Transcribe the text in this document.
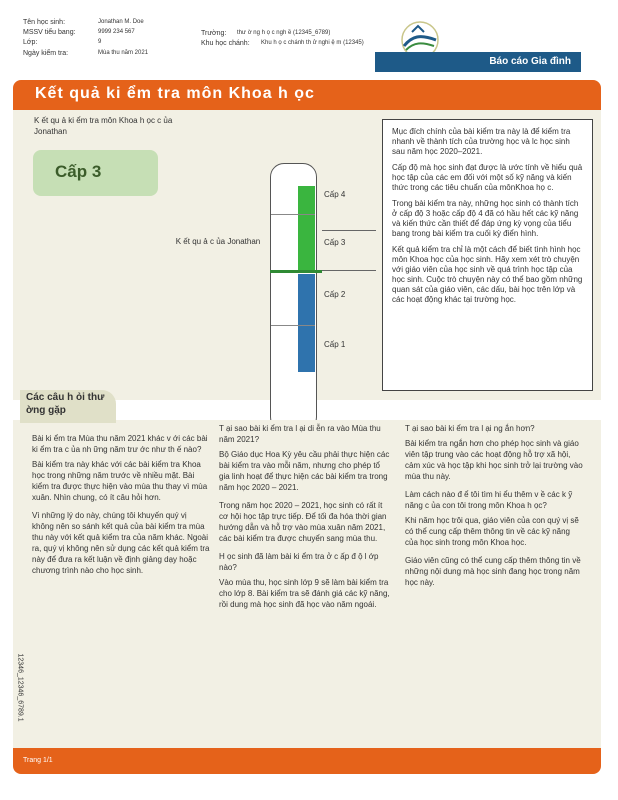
Tên học sinh:	Jonathan M. Doe
MSSV tiểu bang:	9999 234 567
Lớp:	9
Ngày kiểm tra:	Mùa thu năm 2021
Trường: thư ờ ng h ọ c ngh ề (12345_6789)
Khu học chánh: Khu h ọ c chánh th ử nghi ệ m (12345)
Báo cáo Gia đình
Kết quả ki ểm tra môn Khoa h ọc
K ết qu ả ki ểm tra môn Khoa h ọc c ủa Jonathan
Cấp 3
K ết qu ả c ủa Jonathan
Cấp 4
Cấp 3
Cấp 2
Cấp 1

Mục đích chính của bài kiểm tra này là để kiểm tra nhanh về thành tích của trường học và lc học sinh sau năm học 2020–2021.

Cấp độ mà học sinh đạt được là ước tính về hiểu quả học tập của các em đối với một số kỹ năng và kiến thức trong các tiêu chuẩn của mônKhoa họ c.

Trong bài kiểm tra này, những học sinh có thành tích ở cấp độ 3 hoặc cấp độ 4 đã có hầu hết các kỹ năng và kiến thức cần thiết để đáp ứng kỳ vọng của tiểu bang trong bài kiểm tra cuối kỳ điển hình.

Kết quả kiểm tra chỉ là một cách để biết tình hình học môn Khoa học của học sinh. Hãy xem xét trò chuyện với giáo viên của học sinh về quá trình học tập của học sinh. Cuộc trò chuyện này có thể bao gồm những quan sát của giáo viên, các dấu, bài học trên lớp và các hoạt động khác tại trường học.

Các câu h ỏi thư ờng gặp

Bài ki ểm tra Mùa thu năm 2021 khác v ới các bài ki ểm tra c ủa nh ững năm trư ớc như th ế nào?

Bài kiểm tra này khác với các bài kiểm tra Khoa học trong những năm trước về nhiều mặt. Bài kiểm tra được thực hiện vào mùa thu thay vì mùa xuân. Nhìn chung, có ít câu hỏi hơn.

Vì những lý do này, chúng tôi khuyến quý vị không nên so sánh kết quả của bài kiểm tra mùa thu này với kết quả kiểm tra của năm khác. Ngoài ra, quý vị không nên sử dụng các kết quả kiểm tra này để đưa ra kết luận về định giảng dạy hoặc chương trình nào cho học sinh.

T ại sao bài ki ểm tra l ại di ễn ra vào Mùa thu năm 2021?

Bộ Giáo dục Hoa Kỳ yêu cầu phải thực hiện các bài kiểm tra vào mỗi năm, nhưng cho phép tổ gia linh hoạt để thực hiện các bài kiểm tra trong năm học 2020 – 2021.

Trong năm học 2020 – 2021, học sinh có rất ít cơ hội học tập trực tiếp. Để tối đa hóa thời gian hướng dẫn và hỗ trợ vào mùa xuân năm 2021, các bài kiểm tra được chuyển sang mùa thu.

H ọc sinh đã làm bài ki ểm tra ở c ấp đ ộ l ớp nào?

Vào mùa thu, học sinh lớp 9 sẽ làm bài kiểm tra cho lớp 8. Bài kiểm tra sẽ đánh giá các kỹ năng, rồi dung mà học sinh đã học vào năm ngoái.

T ại sao bài ki ểm tra l ại ng ắn hơn?

Bài kiểm tra ngắn hơn cho phép học sinh và giáo viên tập trung vào các hoạt động hỗ trợ xã hội, cảm xúc và học tập khi học sinh trở lại trường vào mùa thu này.

Làm cách nào đ ể tôi tìm hi ểu thêm v ề các k ỹ năng c ủa con tôi trong môn Khoa h ọc?

Khi năm học trôi qua, giáo viên của con quý vị sẽ có thể cung cấp thêm thông tin về các kỹ năng của học sinh trong môn Khoa học.

Giáo viên cũng có thể cung cấp thêm thông tin về những nội dung mà học sinh đang học trong năm học này.

Trang 1/1
12346_12346_6789.1
